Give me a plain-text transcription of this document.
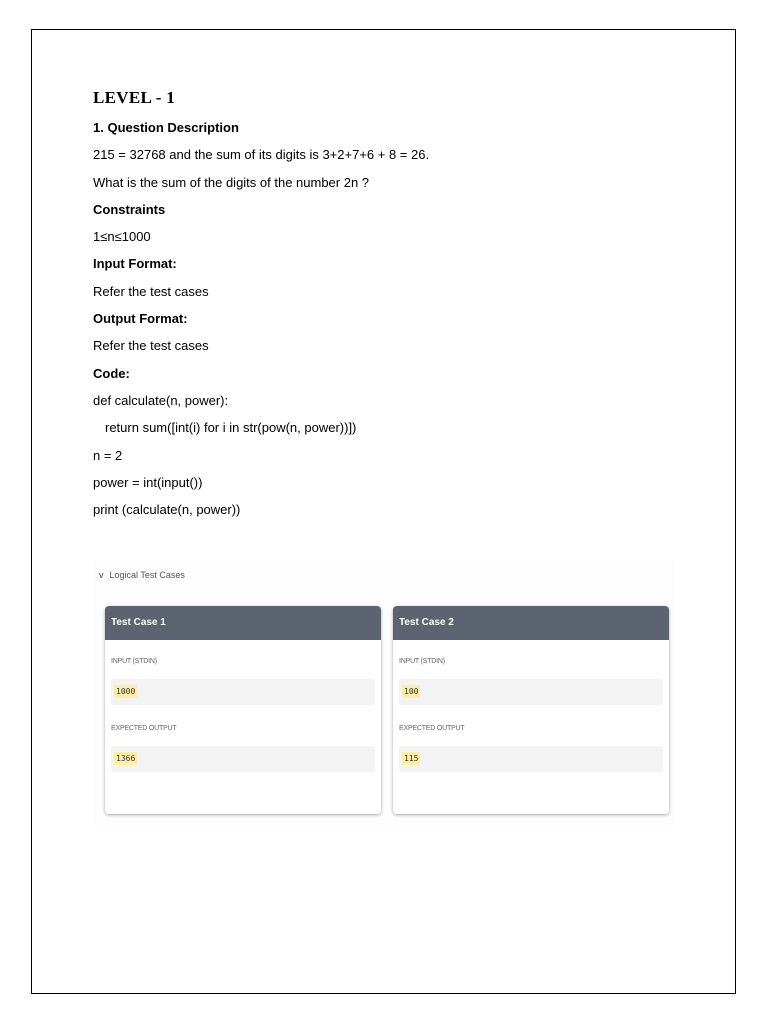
LEVEL - 1

1. Question Description

215 = 32768 and the sum of its digits is 3+2+7+6 + 8 = 26.

What is the sum of the digits of the number 2n ?

Constraints

1≤n≤1000

Input Format:

Refer the test cases

Output Format:

Refer the test cases

Code:

def calculate(n, power):

return sum([int(i) for i in str(pow(n, power))])

n = 2

power = int(input())

print (calculate(n, power))

v Logical Test Cases
Test Case 1
INPUT (STDIN)
1000
EXPECTED OUTPUT
1366
Test Case 2
INPUT (STDIN)
100
EXPECTED OUTPUT
115
